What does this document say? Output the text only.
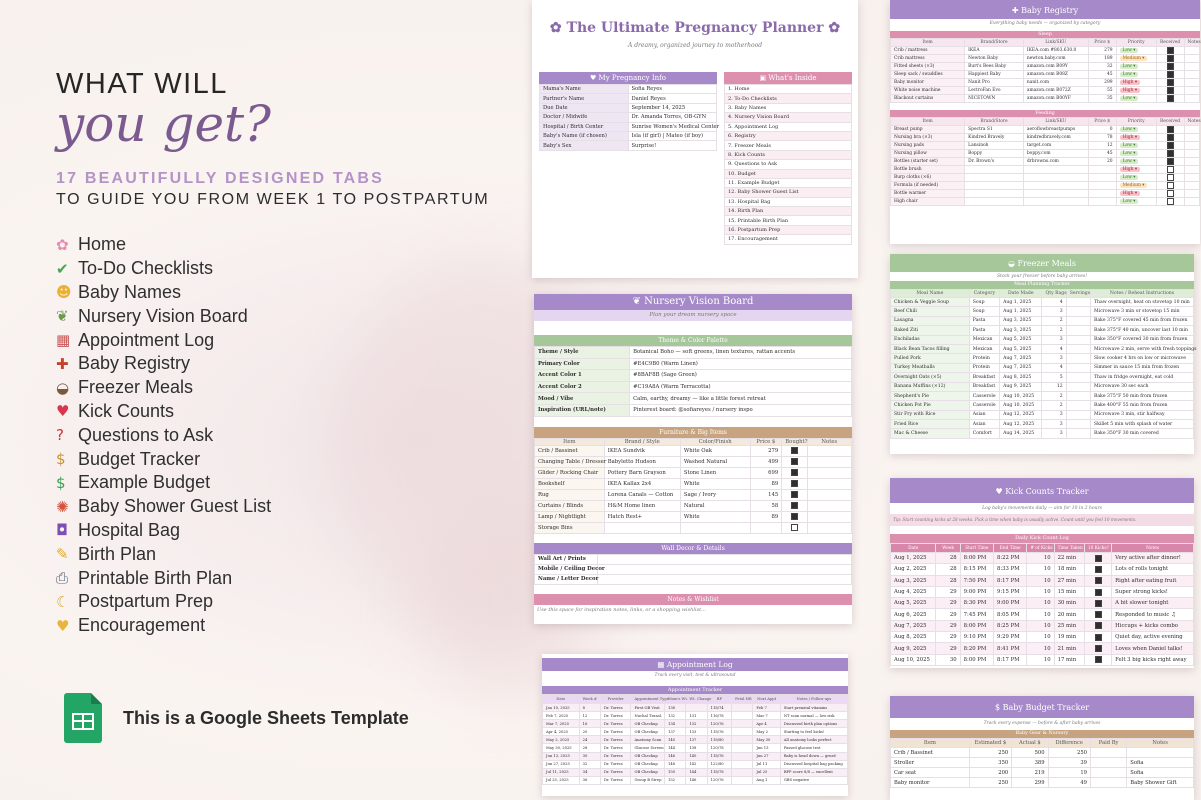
WHAT WILL
you get?
17 BEAUTIFULLY DESIGNED TABS
TO GUIDE YOU FROM WEEK 1 TO POSTPARTUM
✿ Home
✔ To-Do Checklists
☻ Baby Names
❦ Nursery Vision Board
▦ Appointment Log
✚ Baby Registry
◒ Freezer Meals
♥ Kick Counts
? Questions to Ask
$ Budget Tracker
$ Example Budget
✺ Baby Shower Guest List
◘ Hospital Bag
✎ Birth Plan
⎙ Printable Birth Plan
☾ Postpartum Prep
♥ Encouragement
This is a Google Sheets Template
✿ The Ultimate Pregnancy Planner ✿
A dreamy, organized journey to motherhood
♥ My Pregnancy Info
Mama's Name	Sofia Reyes
Partner's Name	Daniel Reyes
Due Date	September 14, 2025
Doctor / Midwife	Dr. Amanda Torres, OB-GYN
Hospital / Birth Center	Sunrise Women's Medical Center
Baby's Name (if chosen)	Isla (if girl) | Mateo (if boy)
Baby's Sex	Surprise!
▣ What's Inside
1. Home
2. To-Do Checklists
3. Baby Names
4. Nursery Vision Board
5. Appointment Log
6. Registry
7. Freezer Meals
8. Kick Counts
9. Questions to Ask
10. Budget
11. Example Budget
12. Baby Shower Guest List
13. Hospital Bag
14. Birth Plan
15. Printable Birth Plan
16. Postpartum Prep
17. Encouragement
❦ Nursery Vision Board
Plan your dream nursery space
Theme & Color Palette
Theme / Style	Botanical Boho — soft greens, linen textures, rattan accents
Primary Color	#E4C9B0 (Warm Linen)
Accent Color 1	#8BAF8B (Sage Green)
Accent Color 2	#C19A8A (Warm Terracotta)
Mood / Vibe	Calm, earthy, dreamy — like a little forest retreat
Inspiration (URL/note)	Pinterest board: @sofiareyes / nursery inspo
Furniture & Big Items
Item	Brand / Style	Color/Finish	Price $	Bought?	Notes
Crib / Bassinet	IKEA Sundvik	White Oak	279		
Changing Table / Dresser	Babyletto Hudson	Washed Natural	499		
Glider / Rocking Chair	Pottery Barn Grayson	Stone Linen	699		
Bookshelf	IKEA Kallax 2x4	White	89		
Rug	Lorena Canals — Cotton	Sage / Ivory	145		
Curtains / Blinds	H&M Home linen	Natural	58		
Lamp / Nightlight	Hatch Rest+	White	89		
Storage Bins					
Wall Decor & Details
Wall Art / Prints	
Mobile / Ceiling Decor	
Name / Letter Decor	
Notes & Wishlist
Use this space for inspiration notes, links, or a shopping wishlist...
▦ Appointment Log
Track every visit, test & ultrasound
Appointment Tracker
Date	Week #	Provider	Appointment Type	Mom's Wt.	Wt. Change	BP	Fetal HR	Next Appt	Notes / Follow-ups
Jan 10, 2025	8	Dr. Torres	First OB Visit	138		118/74		Feb 7	Start prenatal vitamins
Feb 7, 2025	12	Dr. Torres	Nuchal Transl.	132	131	116/78		Mar 7	NT scan normal — low risk
Mar 7, 2025	16	Dr. Torres	OB Checkup	134	132	120/76		Apr 4	Discussed birth plan options
Apr 4, 2025	20	Dr. Torres	OB Checkup	137	133	118/76		May 2	Starting to feel kicks!
May 2, 2025	24	Dr. Torres	Anatomy Scan	140	137	118/80		May 30	All anatomy looks perfect
May 30, 2025	28	Dr. Torres	Glucose Screen	144	138	120/78		Jun 13	Passed glucose test
Jun 13, 2025	30	Dr. Torres	OB Checkup	146	140	118/76		Jun 27	Baby is head down — great!
Jun 27, 2025	32	Dr. Torres	OB Checkup	148	142	122/80		Jul 11	Discussed hospital bag packing
Jul 11, 2025	34	Dr. Torres	OB Checkup	150	144	118/78		Jul 25	BPP score 8/8 — excellent
Jul 25, 2025	36	Dr. Torres	Group B Strep	152	146	120/76		Aug 1	GBS negative
✚ Baby Registry
Everything baby needs — organized by category
Sleep
Item	Brand/Store	Link/SKU	Price $	Priority	Received	Notes
Crib / mattress	IKEA	IKEA.com #803.630.0	279	Low ▾		
Crib mattress	Newton Baby	newton.baby.com	189	Medium ▾		
Fitted sheets (×3)	Burt's Bees Baby	amazon.com B09Y	32	Low ▾		
Sleep sack / swaddles	Happiest Baby	amazon.com B08Z	45	Low ▾		
Baby monitor	Nanit Pro	nanit.com	299	High ▾		
White noise machine	LectroFan Evo	amazon.com B072Z	55	High ▾		
Blackout curtains	NICETOWN	amazon.com B00YF	35	Low ▾		
Feeding
Item	Brand/Store	Link/SKU	Price $	Priority	Received	Notes
Breast pump	Spectra S1	aeroflowbreastpumps	0	Low ▾		
Nursing bra (×3)	Kindred Bravely	kindredbravely.com	78	High ▾		
Nursing pads	Lansinoh	target.com	12	Low ▾		
Nursing pillow	Boppy	boppy.com	45	Low ▾		
Bottles (starter set)	Dr. Brown's	drbrowns.com	20	Low ▾		
Bottle brush				High ▾		
Burp cloths (×6)				Low ▾		
Formula (if needed)				Medium ▾		
Bottle warmer				High ▾		
High chair				Low ▾		
◒ Freezer Meals
Stock your freezer before baby arrives!
Meal Planning Tracker
Meal Name	Category	Date Made	Qty Bags	Servings	Notes / Reheat Instructions
Chicken & Veggie Soup	Soup	Aug 1, 2025	4		Thaw overnight, heat on stovetop 10 min
Beef Chili	Soup	Aug 1, 2025	3		Microwave 3 min or stovetop 15 min
Lasagna	Pasta	Aug 3, 2025	2		Bake 375°F covered 45 min from frozen
Baked Ziti	Pasta	Aug 3, 2025	2		Bake 375°F 40 min, uncover last 10 min
Enchiladas	Mexican	Aug 5, 2025	3		Bake 350°F covered 30 min from frozen
Black Bean Tacos filling	Mexican	Aug 5, 2025	4		Microwave 2 min, serve with fresh toppings
Pulled Pork	Protein	Aug 7, 2025	3		Slow cooker 4 hrs on low or microwave
Turkey Meatballs	Protein	Aug 7, 2025	4		Simmer in sauce 15 min from frozen
Overnight Oats (×5)	Breakfast	Aug 8, 2025	5		Thaw in fridge overnight, eat cold
Banana Muffins (×12)	Breakfast	Aug 9, 2025	12		Microwave 30 sec each
Shepherd's Pie	Casserole	Aug 10, 2025	2		Bake 375°F 50 min from frozen
Chicken Pot Pie	Casserole	Aug 10, 2025	2		Bake 400°F 55 min from frozen
Stir Fry with Rice	Asian	Aug 12, 2025	3		Microwave 3 min, stir halfway
Fried Rice	Asian	Aug 12, 2025	3		Skillet 5 min with splash of water
Mac & Cheese	Comfort	Aug 14, 2025	3		Bake 350°F 30 min covered
♥ Kick Counts Tracker
Log baby's movements daily — aim for 10 in 2 hours
Tip: Start counting kicks at 28 weeks. Pick a time when baby is usually active. Count until you feel 10 movements.
Daily Kick Count Log
Date	Week	Start Time	End Time	# of Kicks	Time Taken	10 Kicks?	Notes
Aug 1, 2025	28	8:00 PM	8:22 PM	10	22 min		Very active after dinner!
Aug 2, 2025	28	8:15 PM	8:33 PM	10	18 min		Lots of rolls tonight
Aug 3, 2025	28	7:50 PM	8:17 PM	10	27 min		Right after eating fruit
Aug 4, 2025	29	9:00 PM	9:15 PM	10	15 min		Super strong kicks!
Aug 5, 2025	29	8:30 PM	9:00 PM	10	30 min		A bit slower tonight
Aug 6, 2025	29	7:45 PM	8:05 PM	10	20 min		Responded to music ♫
Aug 7, 2025	29	8:00 PM	8:25 PM	10	25 min		Hiccups + kicks combo
Aug 8, 2025	29	9:10 PM	9:29 PM	10	19 min		Quiet day, active evening
Aug 9, 2025	29	8:20 PM	8:41 PM	10	21 min		Loves when Daniel talks!
Aug 10, 2025	30	8:00 PM	8:17 PM	10	17 min		Felt 3 big kicks right away
$ Baby Budget Tracker
Track every expense — before & after baby arrives
Baby Gear & Nursery
Item	Estimated $	Actual $	Difference	Paid By	Notes
Crib / Bassinet	250	500	250		
Stroller	350	389	39		Sofia
Car seat	200	219	19		Sofia
Baby monitor	250	299	49		Baby Shower Gift
